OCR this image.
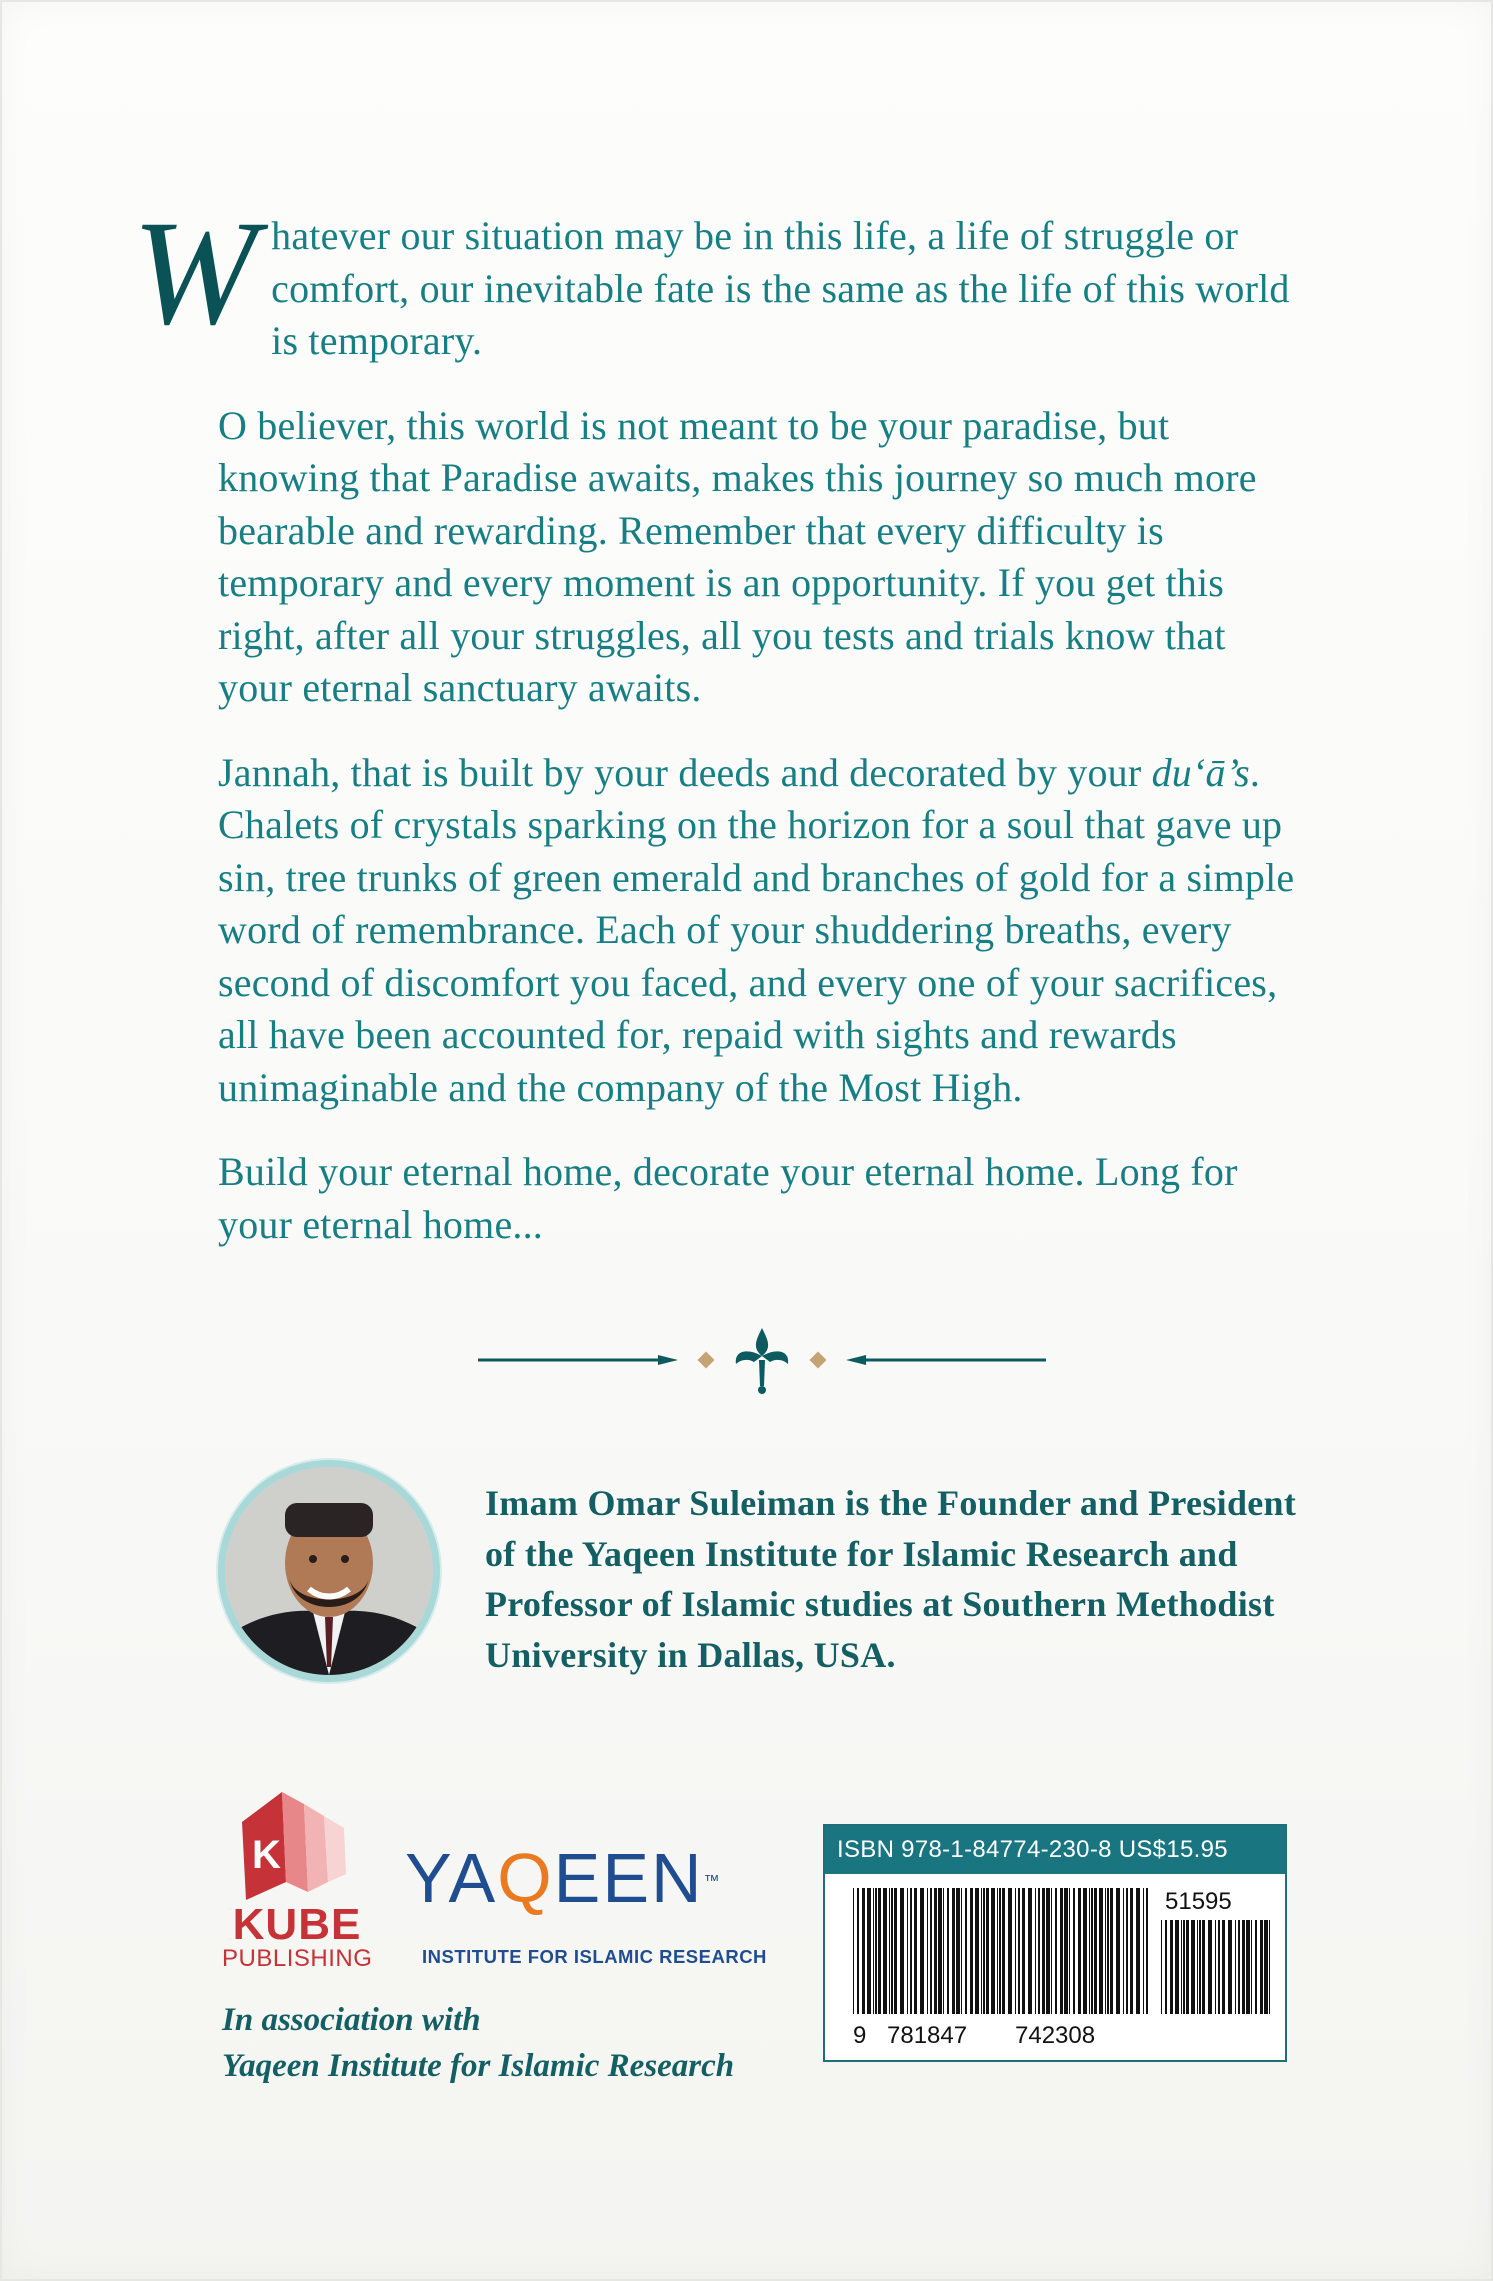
Whatever our situation may be in this life, a life of struggle or comfort, our inevitable fate is the same as the life of this world is temporary.

O believer, this world is not meant to be your paradise, but knowing that Paradise awaits, makes this journey so much more bearable and rewarding. Remember that every difficulty is temporary and every moment is an opportunity. If you get this right, after all your struggles, all you tests and trials know that your eternal sanctuary awaits.

Jannah, that is built by your deeds and decorated by your du‘ā’s. Chalets of crystals sparking on the horizon for a soul that gave up sin, tree trunks of green emerald and branches of gold for a simple word of remembrance. Each of your shuddering breaths, every second of discomfort you faced, and every one of your sacrifices, all have been accounted for, repaid with sights and rewards unimaginable and the company of the Most High.

Build your eternal home, decorate your eternal home. Long for your eternal home...

Imam Omar Suleiman is the Founder and President of the Yaqeen Institute for Islamic Research and Professor of Islamic studies at Southern Methodist University in Dallas, USA.
K
KUBE
PUBLISHING
YAQEEN™
INSTITUTE FOR ISLAMIC RESEARCH
In association with
Yaqeen Institute for Islamic Research
ISBN 978-1-84774-230-8 US$15.95
9 781847 742308
51595
